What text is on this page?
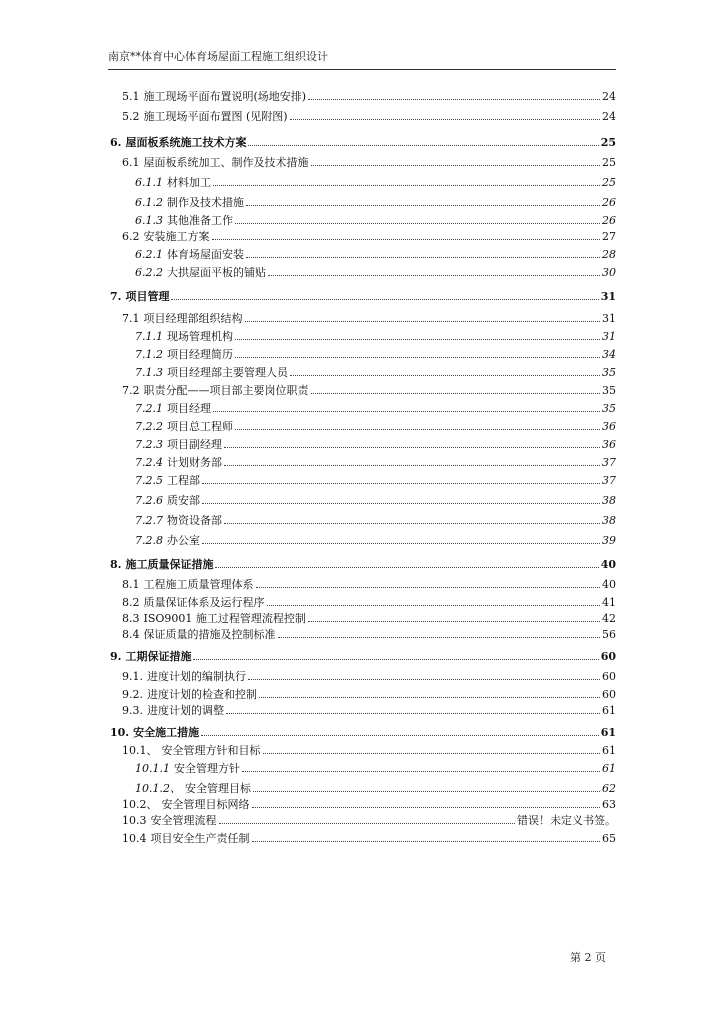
南京**体育中心体育场屋面工程施工组织设计
5.1 施工现场平面布置说明(场地安排)	24
5.2 施工现场平面布置图 (见附图)	24
6. 屋面板系统施工技术方案	25
6.1 屋面板系统加工、制作及技术措施	25
6.1.1 材料加工	25
6.1.2 制作及技术措施	26
6.1.3 其他准备工作	26
6.2 安装施工方案	27
6.2.1 体育场屋面安装	28
6.2.2 大拱屋面平板的铺贴	30
7. 项目管理	31
7.1 项目经理部组织结构	31
7.1.1 现场管理机构	31
7.1.2 项目经理简历	34
7.1.3 项目经理部主要管理人员	35
7.2 职责分配——项目部主要岗位职责	35
7.2.1 项目经理	35
7.2.2 项目总工程师	36
7.2.3 项目副经理	36
7.2.4 计划财务部	37
7.2.5 工程部	37
7.2.6 质安部	38
7.2.7 物资设备部	38
7.2.8 办公室	39
8. 施工质量保证措施	40
8.1 工程施工质量管理体系	40
8.2 质量保证体系及运行程序	41
8.3 ISO9001 施工过程管理流程控制	42
8.4 保证质量的措施及控制标准	56
9. 工期保证措施	60
9.1. 进度计划的编制执行	60
9.2. 进度计划的检查和控制	60
9.3. 进度计划的调整	61
10. 安全施工措施	61
10.1、 安全管理方针和目标	61
10.1.1 安全管理方针	61
10.1.2、 安全管理目标	62
10.2、 安全管理目标网络	63
10.3 安全管理流程	错误！未定义书签。
10.4 项目安全生产责任制	65
第 2 页
